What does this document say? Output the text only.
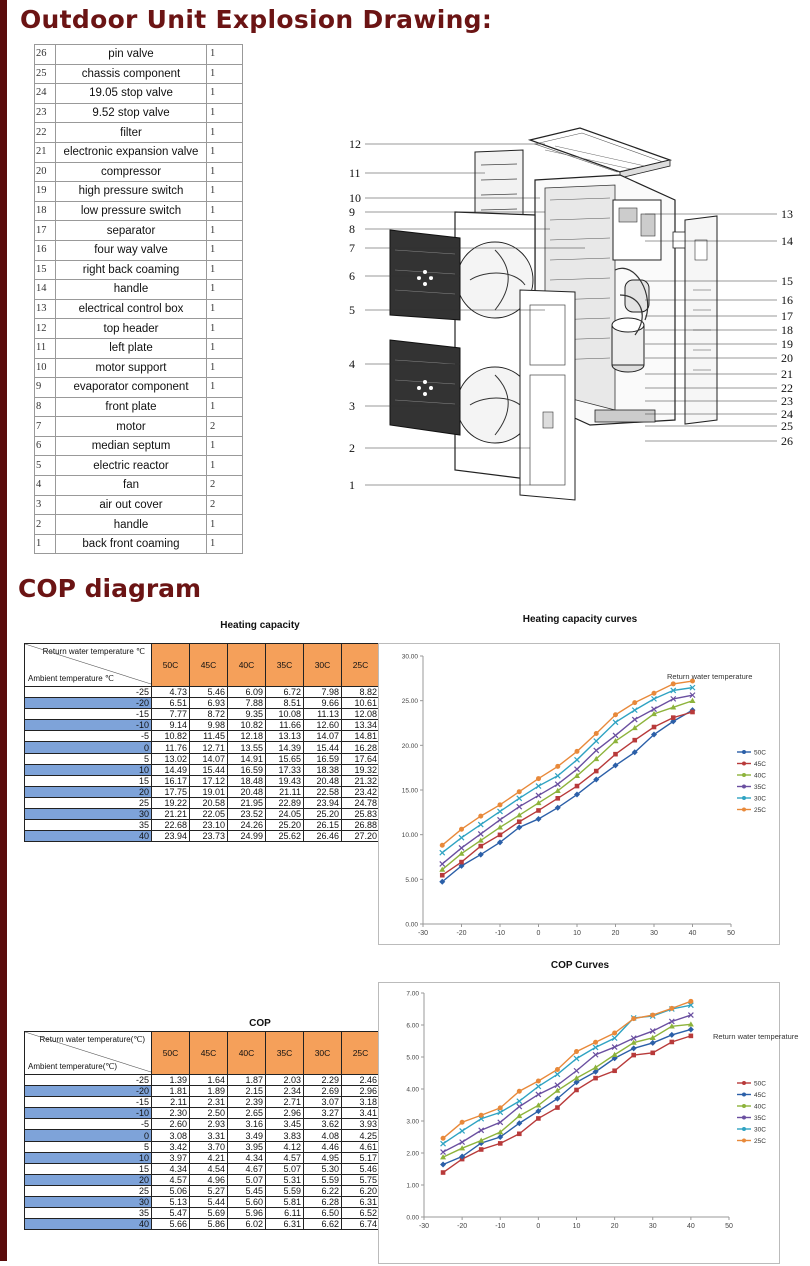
Outdoor Unit Explosion Drawing:
26	pin valve	1
25	chassis component	1
24	19.05 stop valve	1
23	9.52 stop valve	1
22	filter	1
21	electronic expansion valve	1
20	compressor	1
19	high pressure switch	1
18	low pressure switch	1
17	separator	1
16	four way valve	1
15	right back coaming	1
14	handle	1
13	electrical control box	1
12	top header	1
11	left plate	1
10	motor support	1
9	evaporator component	1
8	front plate	1
7	motor	2
6	median septum	1
5	electric reactor	1
4	fan	2
3	air out cover	2
2	handle	1
1	back front coaming	1
12
11
10
9
8
7
6
5
4
3
2
1
13
14
15
16
17
18
19
20
21
22
23
24
25
26
COP diagram
Heating capacity
Return water temperature ℃
Ambient temperature ℃	50C	45C	40C	35C	30C	25C
-25	4.73	5.46	6.09	6.72	7.98	8.82
-20	6.51	6.93	7.88	8.51	9.66	10.61
-15	7.77	8.72	9.35	10.08	11.13	12.08
-10	9.14	9.98	10.82	11.66	12.60	13.34
-5	10.82	11.45	12.18	13.13	14.07	14.81
0	11.76	12.71	13.55	14.39	15.44	16.28
5	13.02	14.07	14.91	15.65	16.59	17.64
10	14.49	15.44	16.59	17.33	18.38	19.32
15	16.17	17.12	18.48	19.43	20.48	21.32
20	17.75	19.01	20.48	21.11	22.58	23.42
25	19.22	20.58	21.95	22.89	23.94	24.78
30	21.21	22.05	23.52	24.05	25.20	25.83
35	22.68	23.10	24.26	25.20	26.15	26.88
40	23.94	23.73	24.99	25.62	26.46	27.20
0.00
5.00
10.00
15.00
20.00
25.00
30.00
-30	-20	-10	0	10	20	30	40	50
50C
45C
40C
35C
30C
25C
Return water temperature
Heating capacity curves
COP
Return water temperature(℃)
Ambient temperature(℃)	50C	45C	40C	35C	30C	25C
-25	1.39	1.64	1.87	2.03	2.29	2.46
-20	1.81	1.89	2.15	2.34	2.69	2.96
-15	2.11	2.31	2.39	2.71	3.07	3.18
-10	2.30	2.50	2.65	2.96	3.27	3.41
-5	2.60	2.93	3.16	3.45	3.62	3.93
0	3.08	3.31	3.49	3.83	4.08	4.25
5	3.42	3.70	3.95	4.12	4.46	4.61
10	3.97	4.21	4.34	4.57	4.95	5.17
15	4.34	4.54	4.67	5.07	5.30	5.46
20	4.57	4.96	5.07	5.31	5.59	5.75
25	5.06	5.27	5.45	5.59	6.22	6.20
30	5.13	5.44	5.60	5.81	6.28	6.31
35	5.47	5.69	5.96	6.11	6.50	6.52
40	5.66	5.86	6.02	6.31	6.62	6.74
0.00
1.00
2.00
3.00
4.00
5.00
6.00
7.00
-30	-20	-10	0	10	20	30	40	50
50C
45C
40C
35C
30C
25C
Return water temperature
COP Curves
